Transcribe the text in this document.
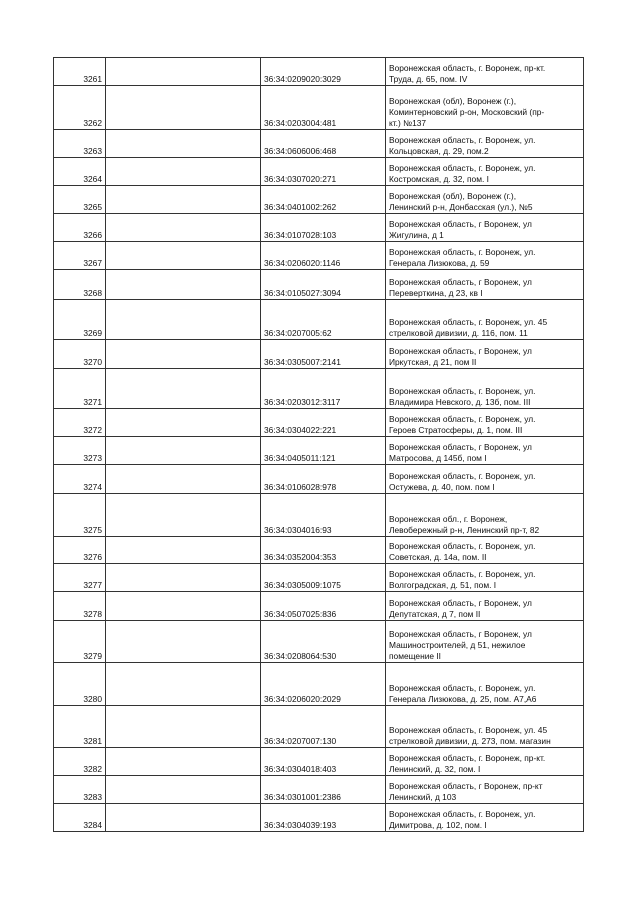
3261		36:34:0209020:3029	Воронежская область, г. Воронеж, пр-кт.
Труда, д. 65, пом. IV

3262		36:34:0203004:481	Воронежская (обл), Воронеж (г.),
Коминтерновский р-он, Московский (пр-
кт.) №137

3263		36:34:0606006:468	Воронежская область, г. Воронеж, ул.
Кольцовская, д. 29, пом.2

3264		36:34:0307020:271	Воронежская область, г. Воронеж, ул.
Костромская, д. 32, пом. I

3265		36:34:0401002:262	Воронежская (обл), Воронеж (г.),
Ленинский р-н, Донбасская (ул.), №5

3266		36:34:0107028:103	Воронежская область, г Воронеж, ул
Жигулина, д 1

3267		36:34:0206020:1146	Воронежская область, г. Воронеж, ул.
Генерала Лизюкова, д. 59

3268		36:34:0105027:3094	Воронежская область, г Воронеж, ул
Переверткина, д 23, кв I

3269		36:34:0207005:62	Воронежская область, г. Воронеж, ул. 45
стрелковой дивизии, д. 116, пом. 11

3270		36:34:0305007:2141	Воронежская область, г Воронеж, ул
Иркутская, д 21, пом II

3271		36:34:0203012:3117	Воронежская область, г. Воронеж, ул.
Владимира Невского, д. 13б, пом. III

3272		36:34:0304022:221	Воронежская область, г. Воронеж, ул.
Героев Стратосферы, д. 1, пом. III

3273		36:34:0405011:121	Воронежская область, г Воронеж, ул
Матросова, д 145б, пом I

3274		36:34:0106028:978	Воронежская область, г. Воронеж, ул.
Остужева, д. 40, пом. пом I

3275		36:34:0304016:93	Воронежская обл., г. Воронеж,
Левобережный р-н, Ленинский пр-т, 82

3276		36:34:0352004:353	Воронежская область, г. Воронеж, ул.
Советская, д. 14а, пом. II

3277		36:34:0305009:1075	Воронежская область, г. Воронеж, ул.
Волгоградская, д. 51, пом. I

3278		36:34:0507025:836	Воронежская область, г Воронеж, ул
Депутатская, д 7, пом II

3279		36:34:0208064:530	Воронежская область, г Воронеж, ул
Машиностроителей, д 51, нежилое
помещение II

3280		36:34:0206020:2029	Воронежская область, г. Воронеж, ул.
Генерала Лизюкова, д. 25, пом. А7,А6

3281		36:34:0207007:130	Воронежская область, г. Воронеж, ул. 45
стрелковой дивизии, д. 273, пом. магазин

3282		36:34:0304018:403	Воронежская область, г. Воронеж, пр-кт.
Ленинский, д. 32, пом. I

3283		36:34:0301001:2386	Воронежская область, г Воронеж, пр-кт
Ленинский, д 103

3284		36:34:0304039:193	Воронежская область, г. Воронеж, ул.
Димитрова, д. 102, пом. I
